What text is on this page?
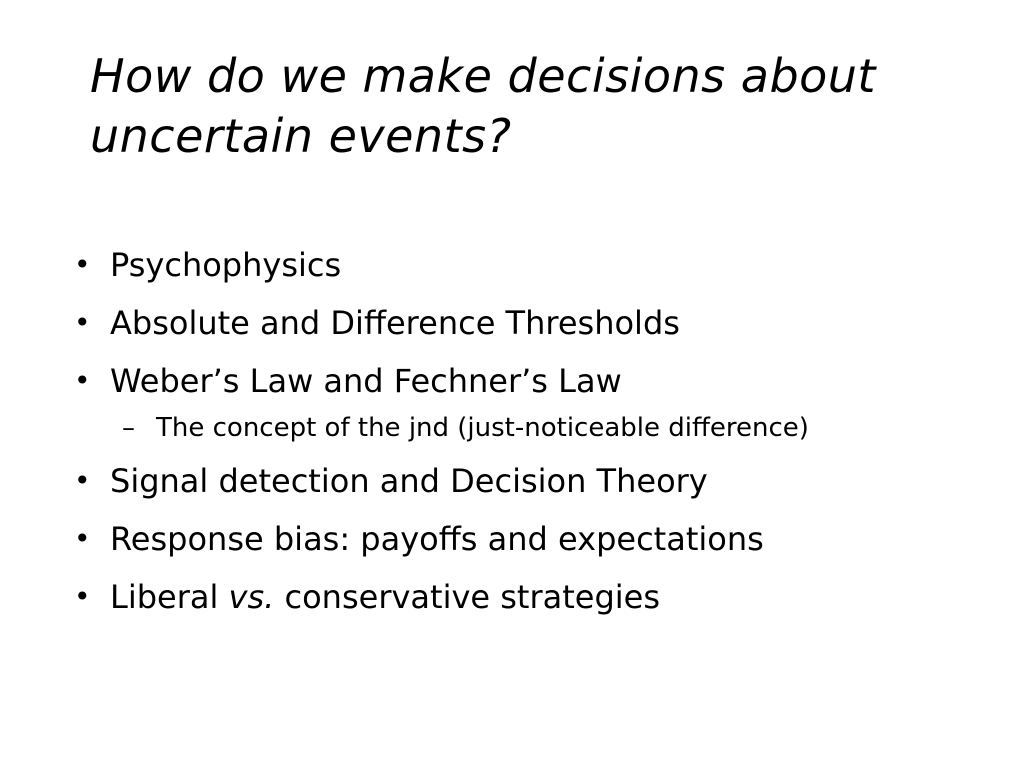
How do we make decisions about
uncertain events?
• Psychophysics
• Absolute and Difference Thresholds
• Weber’s Law and Fechner’s Law
– The concept of the jnd (just-noticeable difference)
• Signal detection and Decision Theory
• Response bias: payoffs and expectations
• Liberal vs. conservative strategies
